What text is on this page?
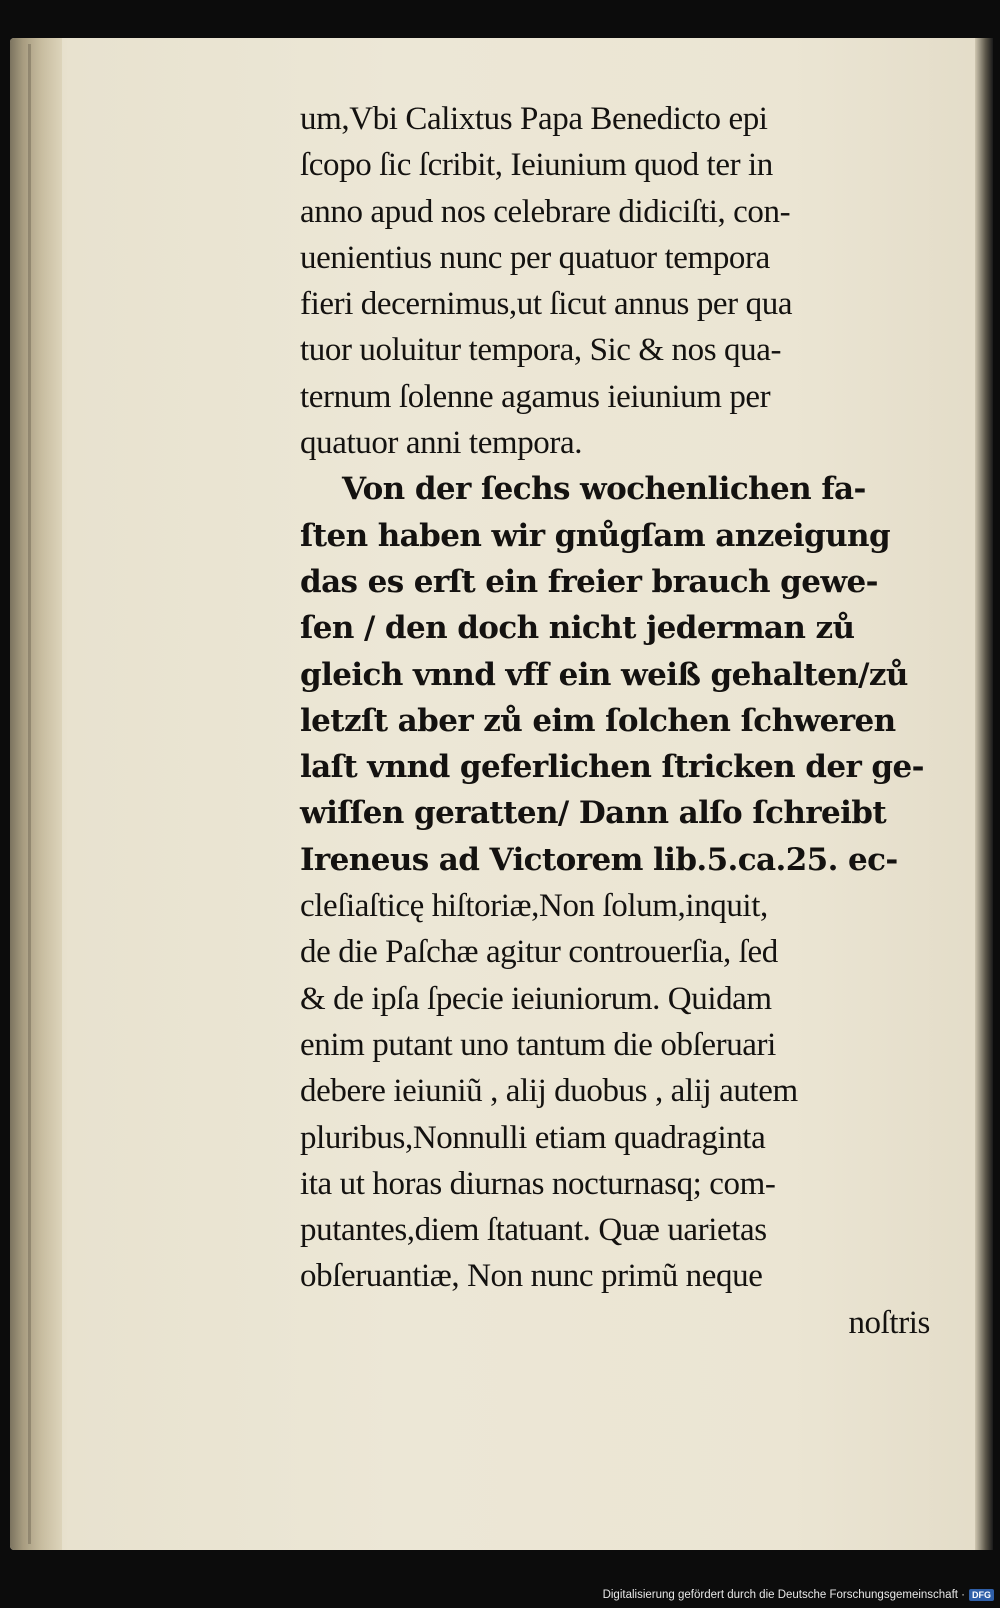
um,Vbi Calixtus Papa Benedicto epi
ſcopo ſic ſcribit, Ieiunium quod ter in
anno apud nos celebrare didiciſti, con-
uenientius nunc per quatuor tempora
fieri decernimus,ut ſicut annus per qua
tuor uoluitur tempora, Sic & nos qua-
ternum ſolenne agamus ieiunium per
quatuor anni tempora.
Von der ſechs wochenlichen fa-
ſten haben wir gnůgſam anzeigung
das es erſt ein freier brauch gewe-
ſen / den doch nicht jederman zů
gleich vnnd vff ein weiß gehalten/zů
letzſt aber zů eim ſolchen ſchweren
laſt vnnd geferlichen ſtricken der ge-
wiſſen geratten/ Dann alſo ſchreibt
Ireneus ad Victorem lib.5.ca.25. ec-
cleſiaſticę hiſtoriæ,Non ſolum,inquit,
de die Paſchæ agitur controuerſia, ſed
& de ipſa ſpecie ieiuniorum. Quidam
enim putant uno tantum die obſeruari
debere ieiuniũ , alij duobus , alij autem
pluribus,Nonnulli etiam quadraginta
ita ut horas diurnas nocturnasq; com-
putantes,diem ſtatuant. Quæ uarietas
obſeruantiæ, Non nunc primũ neque
noſtris
Digitalisierung gefördert durch die Deutsche Forschungsgemeinschaft · DFG
